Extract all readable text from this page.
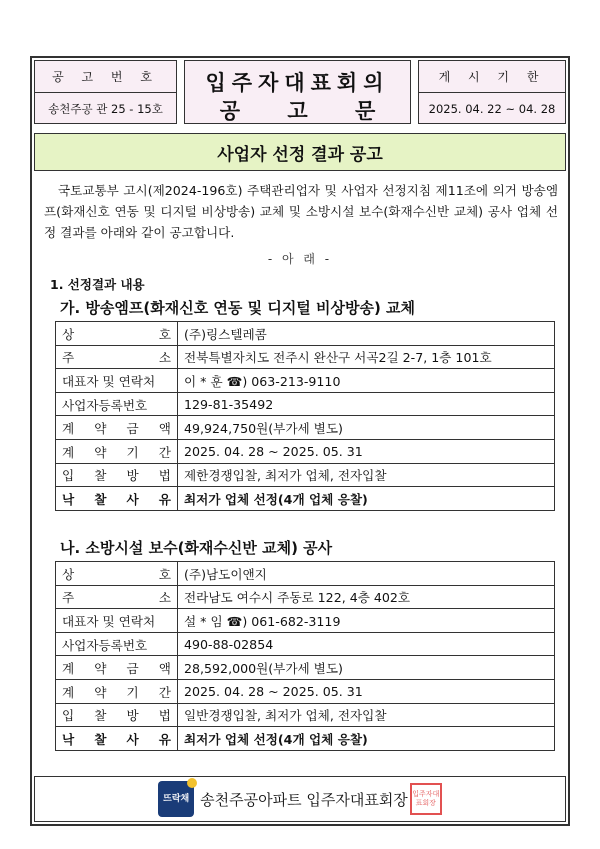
공 고 번 호
송천주공 관 25 - 15호
입주자대표회의
공 고 문
게 시 기 한
2025. 04. 22 ~ 04. 28
사업자 선정 결과 공고
국토교통부 고시(제2024-196호) 주택관리업자 및 사업자 선정지침 제11조에 의거 방송엠프(화재신호 연동 및 디지털 비상방송) 교체 및 소방시설 보수(화재수신반 교체) 공사 업체 선정 결과를 아래와 같이 공고합니다.
- 아 래 -
1. 선정결과 내용
가. 방송엠프(화재신호 연동 및 디지털 비상방송) 교체
상 호	(주)링스텔레콤

주 소	전북특별자치도 전주시 완산구 서곡2길 2-7, 1층 101호

대표자 및 연락처	이 * 훈 ☎) 063-213-9110

사업자등록번호	129-81-35492

계 약 금 액	49,924,750원(부가세 별도)

계 약 기 간	2025. 04. 28 ~ 2025. 05. 31

입 찰 방 법	제한경쟁입찰, 최저가 업체, 전자입찰

낙 찰 사 유	최저가 업체 선정(4개 업체 응찰)
나. 소방시설 보수(화재수신반 교체) 공사
상 호	(주)남도이앤지

주 소	전라남도 여수시 주동로 122, 4층 402호

대표자 및 연락처	설 * 임 ☎) 061-682-3119

사업자등록번호	490-88-02854

계 약 금 액	28,592,000원(부가세 별도)

계 약 기 간	2025. 04. 28 ~ 2025. 05. 31

입 찰 방 법	일반경쟁입찰, 최저가 업체, 전자입찰

낙 찰 사 유	최저가 업체 선정(4개 업체 응찰)
뜨락채 송천주공아파트 입주자대표회장 입주자대표회장
